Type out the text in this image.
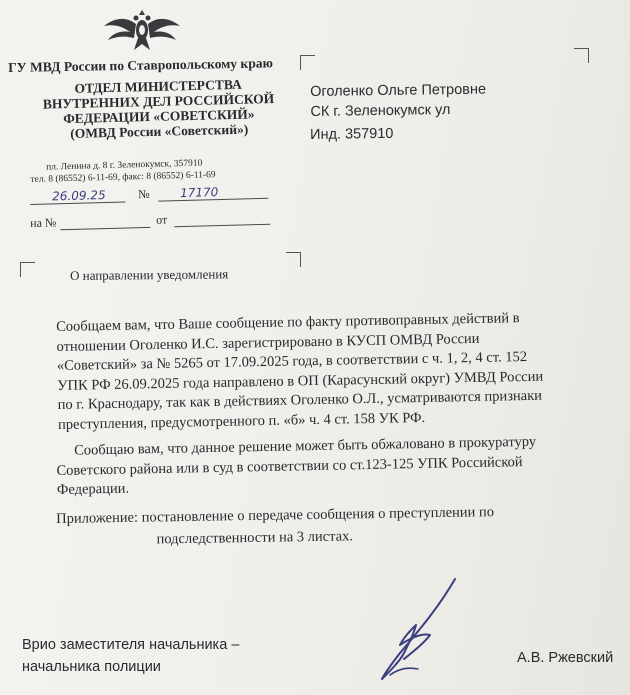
ГУ МВД России по Ставропольскому краю
ОТДЕЛ МИНИСТЕРСТВА
ВНУТРЕННИХ ДЕЛ РОССИЙСКОЙ
ФЕДЕРАЦИИ «СОВЕТСКИЙ»
(ОМВД России «Советский»)
пл. Ленина д. 8 г. Зеленокумск, 357910
тел. 8 (86552) 6-11-69, факс: 8 (86552) 6-11-69
26.09.25	№	17170
на №	от
Оголенко Ольге Петровне
СК г. Зеленокумск ул
Инд. 357910
О направлении уведомления
Сообщаем вам, что Ваше сообщение по факту противоправных действий в
отношении Оголенко И.С. зарегистрировано в КУСП ОМВД России
«Советский» за № 5265 от 17.09.2025 года, в соответствии с ч. 1, 2, 4 ст. 152
УПК РФ 26.09.2025 года направлено в ОП (Карасунский округ) УМВД России
по г. Краснодару, так как в действиях Оголенко О.Л., усматриваются признаки
преступления, предусмотренного п. «б» ч. 4 ст. 158 УК РФ.
Сообщаю вам, что данное решение может быть обжаловано в прокуратуру
Советского района или в суд в соответствии со ст.123-125 УПК Российской
Федерации.
Приложение: постановление о передаче сообщения о преступлении по
подследственности на 3 листах.
Врио заместителя начальника –
начальника полиции
А.В. Ржевский
